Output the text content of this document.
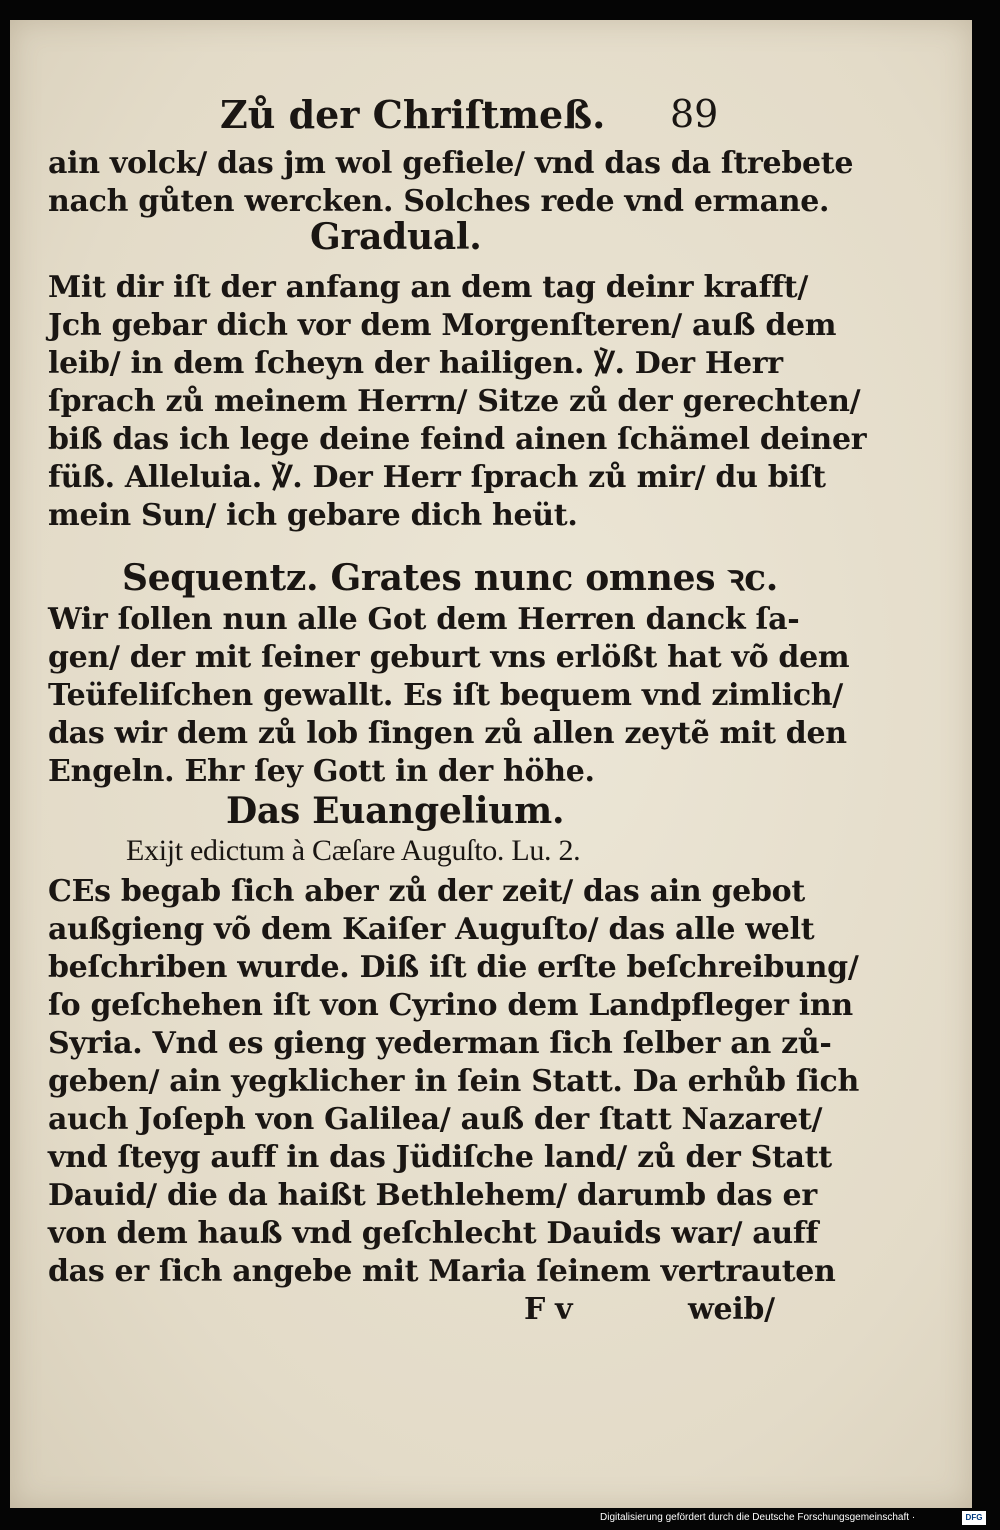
Zů der Chriſtmeß. 89
ain volck/ das jm wol gefiele/ vnd das da ſtrebete
nach gůten wercken. Solches rede vnd ermane.
Gradual.
Mit dir iſt der anfang an dem tag deinr krafft/
Jch gebar dich vor dem Morgenſteren/ auß dem
leib/ in dem ſcheyn der hailigen. ℣. Der Herr
ſprach zů meinem Herrn/ Sitze zů der gerechten/
biß das ich lege deine feind ainen ſchämel deiner
füß. Alleluia. ℣. Der Herr ſprach zů mir/ du biſt
mein Sun/ ich gebare dich heüt.
Sequentz. Grates nunc omnes ꝛc.
Wir ſollen nun alle Got dem Herren danck ſa-
gen/ der mit ſeiner geburt vns erlößt hat võ dem
Teüfeliſchen gewallt. Es iſt bequem vnd zimlich/
das wir dem zů lob ſingen zů allen zeytẽ mit den
Engeln. Ehr ſey Gott in der höhe.
Das Euangelium.
Exijt edictum à Cæſare Auguſto. Lu. 2.
CEs begab ſich aber zů der zeit/ das ain gebot
außgieng võ dem Kaiſer Auguſto/ das alle welt
beſchriben wurde. Diß iſt die erſte beſchreibung/
ſo geſchehen iſt von Cyrino dem Landpfleger inn
Syria. Vnd es gieng yederman ſich ſelber an zů-
geben/ ain yegklicher in ſein Statt. Da erhůb ſich
auch Joſeph von Galilea/ auß der ſtatt Nazaret/
vnd ſteyg auff in das Jüdiſche land/ zů der Statt
Dauid/ die da haißt Bethlehem/ darumb das er
von dem hauß vnd geſchlecht Dauids war/ auff
das er ſich angebe mit Maria ſeinem vertrauten
F v	weib/
Digitalisierung gefördert durch die Deutsche Forschungsgemeinschaft ·	DFG
